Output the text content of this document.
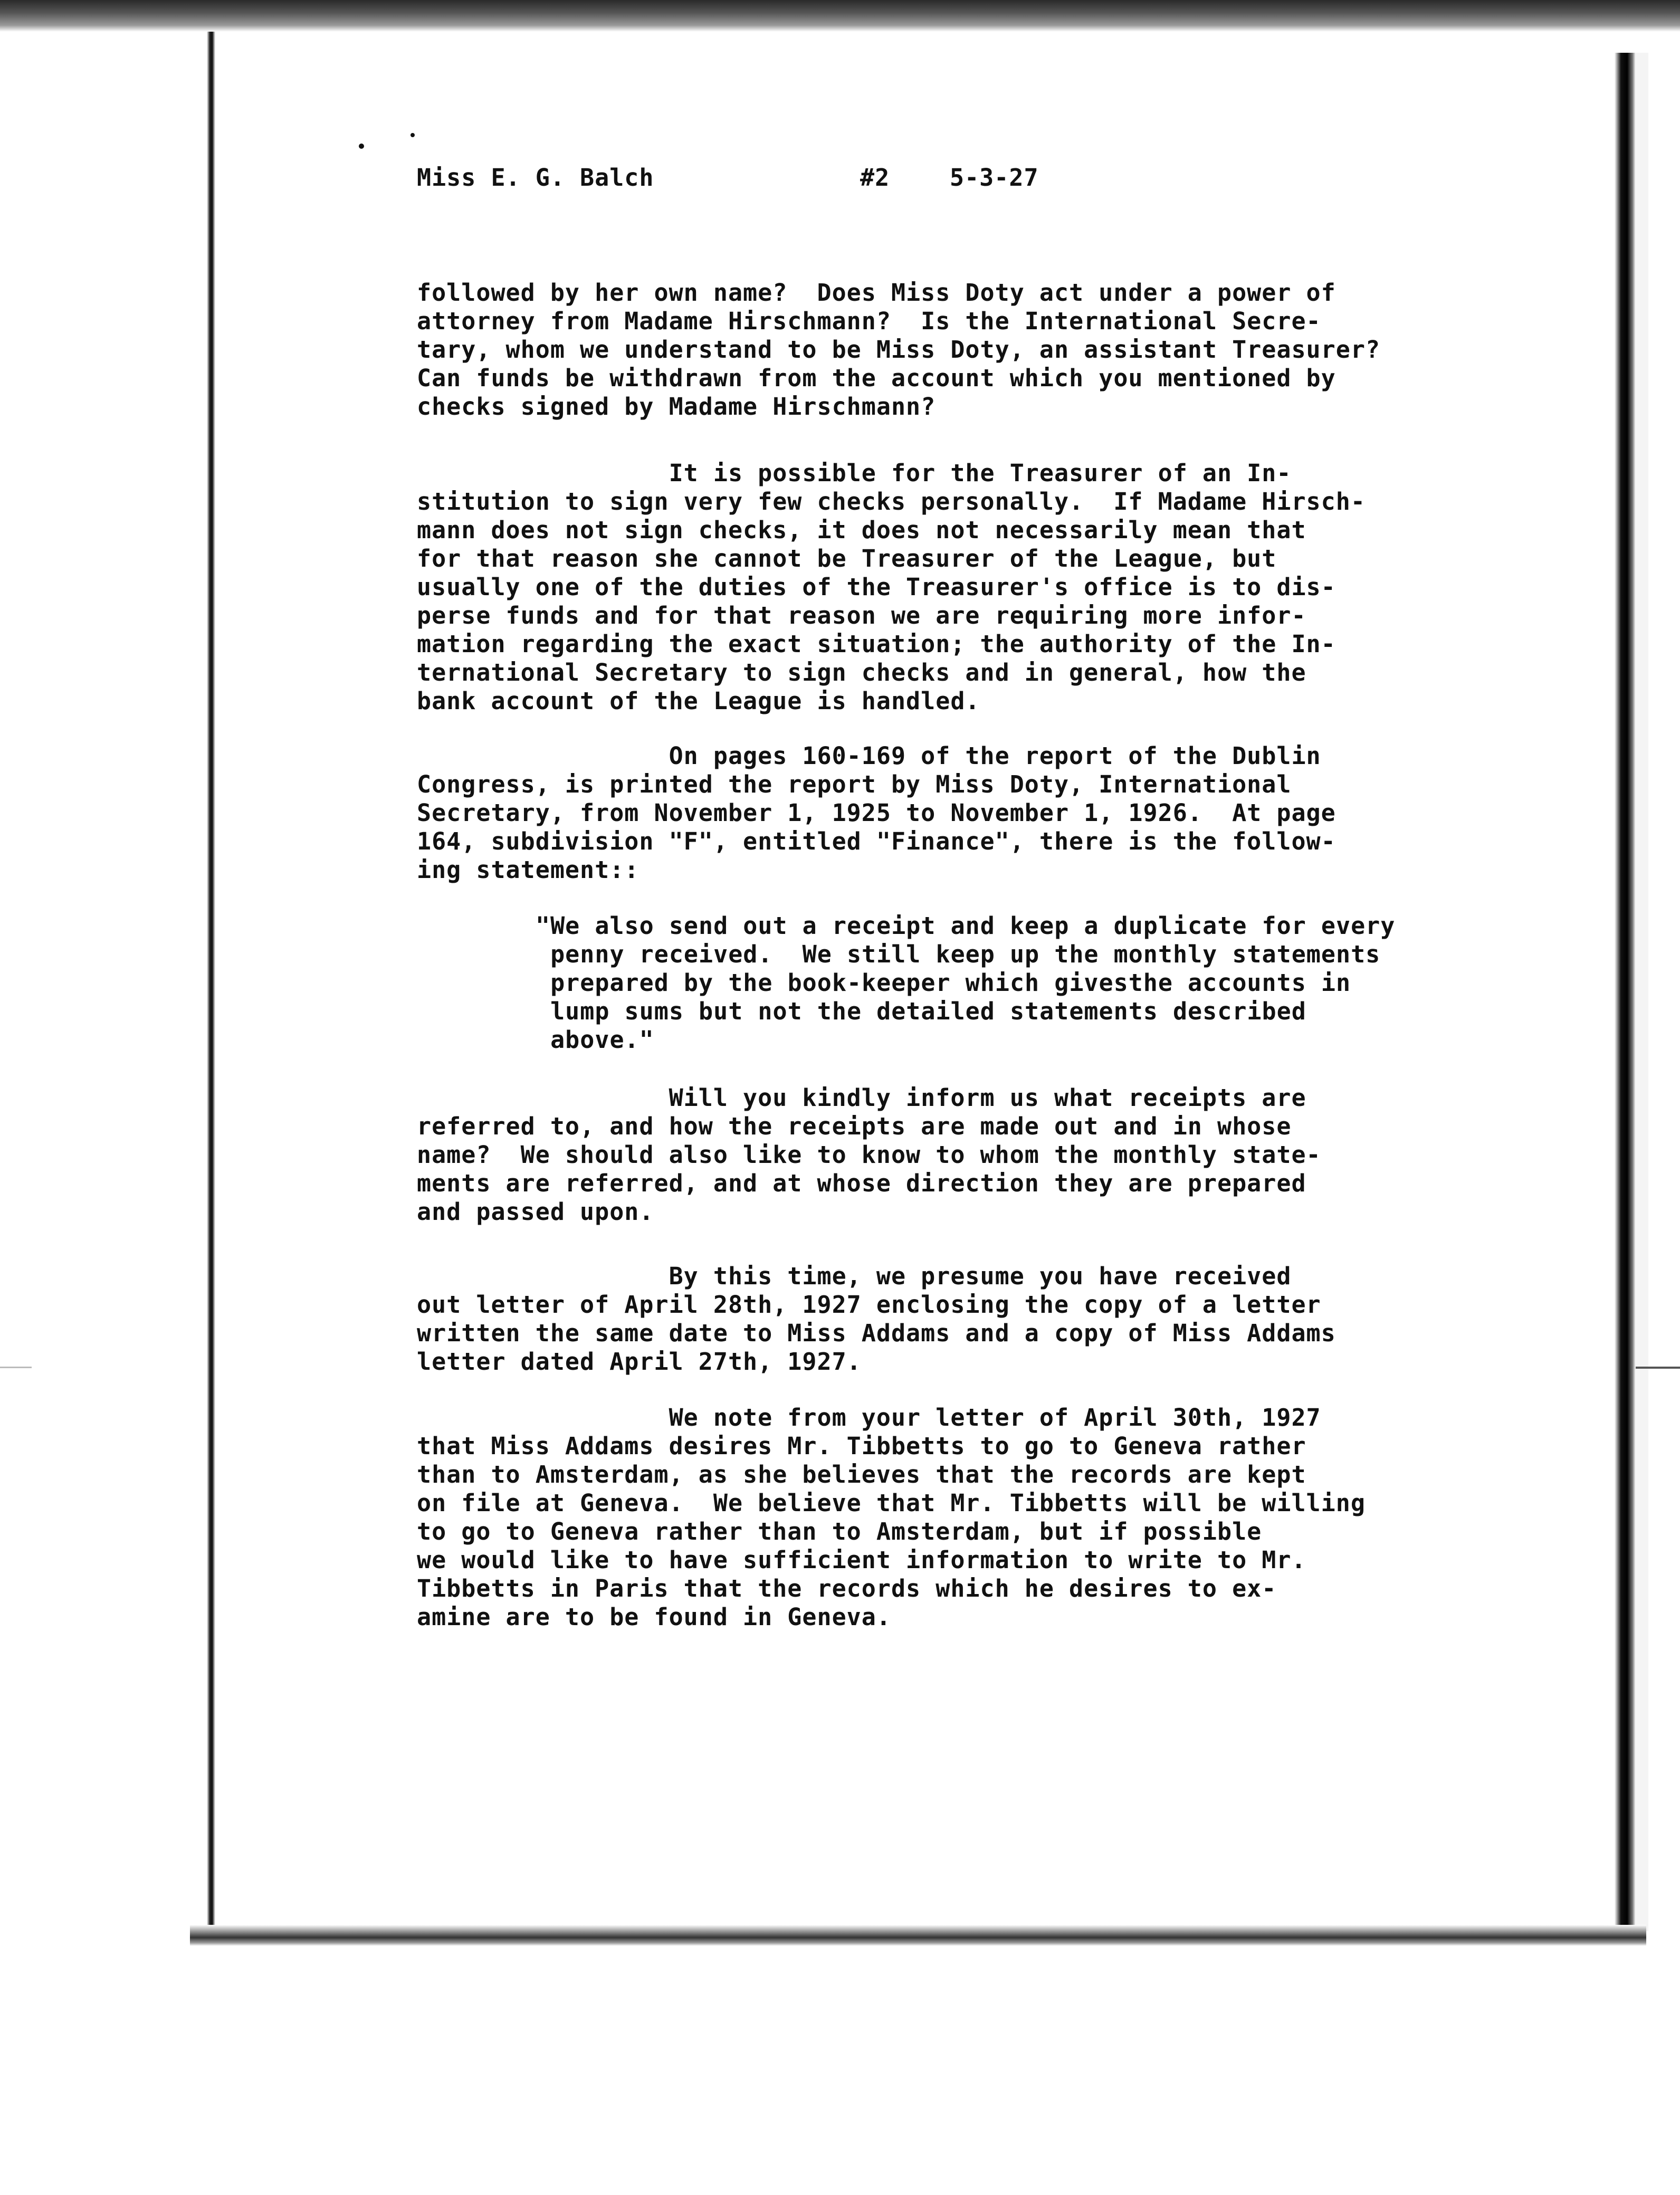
Miss E. G. Balch	#2	5-3-27

followed by her own name?  Does Miss Doty act under a power of
attorney from Madame Hirschmann?  Is the International Secre-
tary, whom we understand to be Miss Doty, an assistant Treasurer?
Can funds be withdrawn from the account which you mentioned by
checks signed by Madame Hirschmann?

It is possible for the Treasurer of an In-
stitution to sign very few checks personally.  If Madame Hirsch-
mann does not sign checks, it does not necessarily mean that
for that reason she cannot be Treasurer of the League, but
usually one of the duties of the Treasurer's office is to dis-
perse funds and for that reason we are requiring more infor-
mation regarding the exact situation; the authority of the In-
ternational Secretary to sign checks and in general, how the
bank account of the League is handled.

On pages 160-169 of the report of the Dublin
Congress, is printed the report by Miss Doty, International
Secretary, from November 1, 1925 to November 1, 1926.  At page
164, subdivision "F", entitled "Finance", there is the follow-
ing statement::

"We also send out a receipt and keep a duplicate for every
penny received.  We still keep up the monthly statements
prepared by the book-keeper which givesthe accounts in
lump sums but not the detailed statements described
above."

Will you kindly inform us what receipts are
referred to, and how the receipts are made out and in whose
name?  We should also like to know to whom the monthly state-
ments are referred, and at whose direction they are prepared
and passed upon.

By this time, we presume you have received
out letter of April 28th, 1927 enclosing the copy of a letter
written the same date to Miss Addams and a copy of Miss Addams
letter dated April 27th, 1927.

We note from your letter of April 30th, 1927
that Miss Addams desires Mr. Tibbetts to go to Geneva rather
than to Amsterdam, as she believes that the records are kept
on file at Geneva.  We believe that Mr. Tibbetts will be willing
to go to Geneva rather than to Amsterdam, but if possible
we would like to have sufficient information to write to Mr.
Tibbetts in Paris that the records which he desires to ex-
amine are to be found in Geneva.
